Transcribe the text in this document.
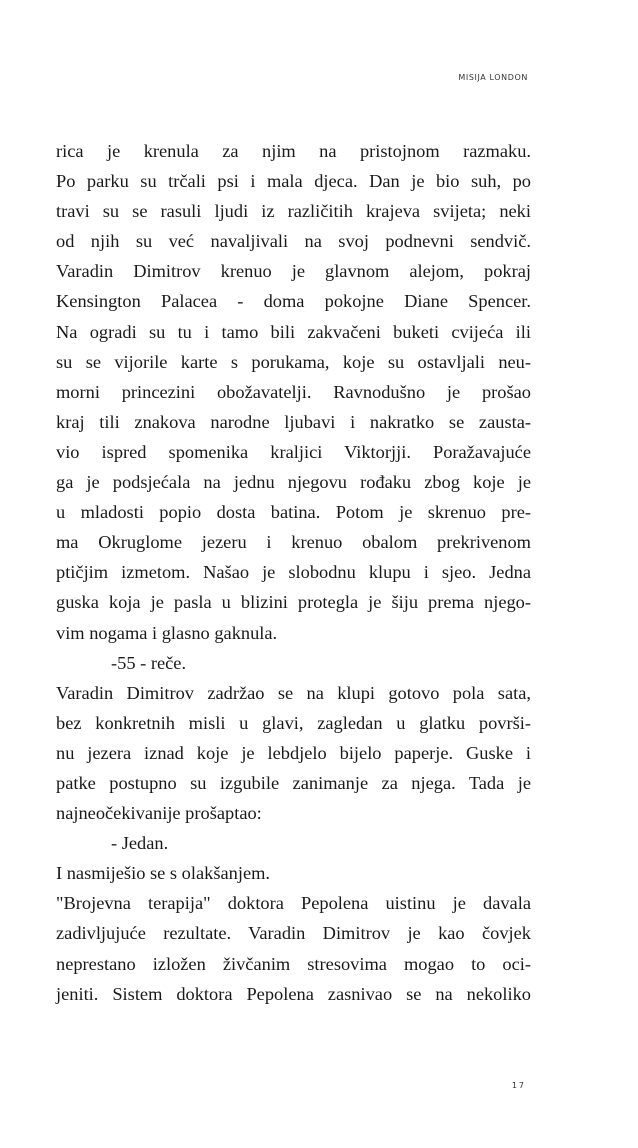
MISIJA LONDON
rica je krenula za njim na pristojnom razmaku.
Po parku su trčali psi i mala djeca. Dan je bio suh, po
travi su se rasuli ljudi iz različitih krajeva svijeta; neki
od njih su već navaljivali na svoj podnevni sendvič.
Varadin Dimitrov krenuo je glavnom alejom, pokraj
Kensington Palacea - doma pokojne Diane Spencer.
Na ogradi su tu i tamo bili zakvačeni buketi cvijeća ili
su se vijorile karte s porukama, koje su ostavljali neu-
morni princezini obožavatelji. Ravnodušno je prošao
kraj tili znakova narodne ljubavi i nakratko se zausta-
vio ispred spomenika kraljici Viktorjji. Poražavajuće
ga je podsjećala na jednu njegovu rođaku zbog koje je
u mladosti popio dosta batina. Potom je skrenuo pre-
ma Okruglome jezeru i krenuo obalom prekrivenom
ptičjim izmetom. Našao je slobodnu klupu i sjeo. Jedna
guska koja je pasla u blizini protegla je šiju prema njego-
vim nogama i glasno gaknula.
-55 - reče.
Varadin Dimitrov zadržao se na klupi gotovo pola sata,
bez konkretnih misli u glavi, zagledan u glatku površi-
nu jezera iznad koje je lebdjelo bijelo paperje. Guske i
patke postupno su izgubile zanimanje za njega. Tada je
najneočekivanije prošaptao:
- Jedan.
I nasmiješio se s olakšanjem.
"Brojevna terapija" doktora Pepolena uistinu je davala
zadivljujuće rezultate. Varadin Dimitrov je kao čovjek
neprestano izložen živčanim stresovima mogao to oci-
jeniti. Sistem doktora Pepolena zasnivao se na nekoliko
17
